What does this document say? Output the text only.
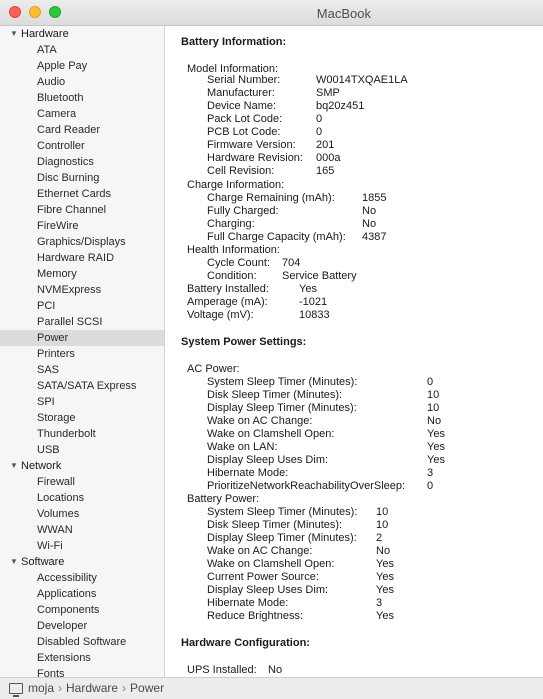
MacBook
▼ Hardware
ATA
Apple Pay
Audio
Bluetooth
Camera
Card Reader
Controller
Diagnostics
Disc Burning
Ethernet Cards
Fibre Channel
FireWire
Graphics/Displays
Hardware RAID
Memory
NVMExpress
PCI
Parallel SCSI
Power
Printers
SAS
SATA/SATA Express
SPI
Storage
Thunderbolt
USB
▼ Network
Firewall
Locations
Volumes
WWAN
Wi-Fi
▼ Software
Accessibility
Applications
Components
Developer
Disabled Software
Extensions
Fonts
Battery Information:
Model Information:
Serial Number:	W0014TXQAE1LA
Manufacturer:	SMP
Device Name:	bq20z451
Pack Lot Code:	0
PCB Lot Code:	0
Firmware Version: 201
Hardware Revision: 000a
Cell Revision:	165
Charge Information:
Charge Remaining (mAh): 1855
Fully Charged:	No
Charging:	No
Full Charge Capacity (mAh): 4387
Health Information:
Cycle Count: 704
Condition: Service Battery
Battery Installed:	Yes
Amperage (mA):	-1021
Voltage (mV):	10833
System Power Settings:
AC Power:
System Sleep Timer (Minutes):	0
Disk Sleep Timer (Minutes):	10
Display Sleep Timer (Minutes):	10
Wake on AC Change:	No
Wake on Clamshell Open:	Yes
Wake on LAN:	Yes
Display Sleep Uses Dim:	Yes
Hibernate Mode:	3
PrioritizeNetworkReachabilityOverSleep: 0
Battery Power:
System Sleep Timer (Minutes): 10
Disk Sleep Timer (Minutes):	10
Display Sleep Timer (Minutes): 2
Wake on AC Change:	No
Wake on Clamshell Open:	Yes
Current Power Source:	Yes
Display Sleep Uses Dim:	Yes
Hibernate Mode:	3
Reduce Brightness:	Yes
Hardware Configuration:
UPS Installed: No
moja › Hardware › Power
